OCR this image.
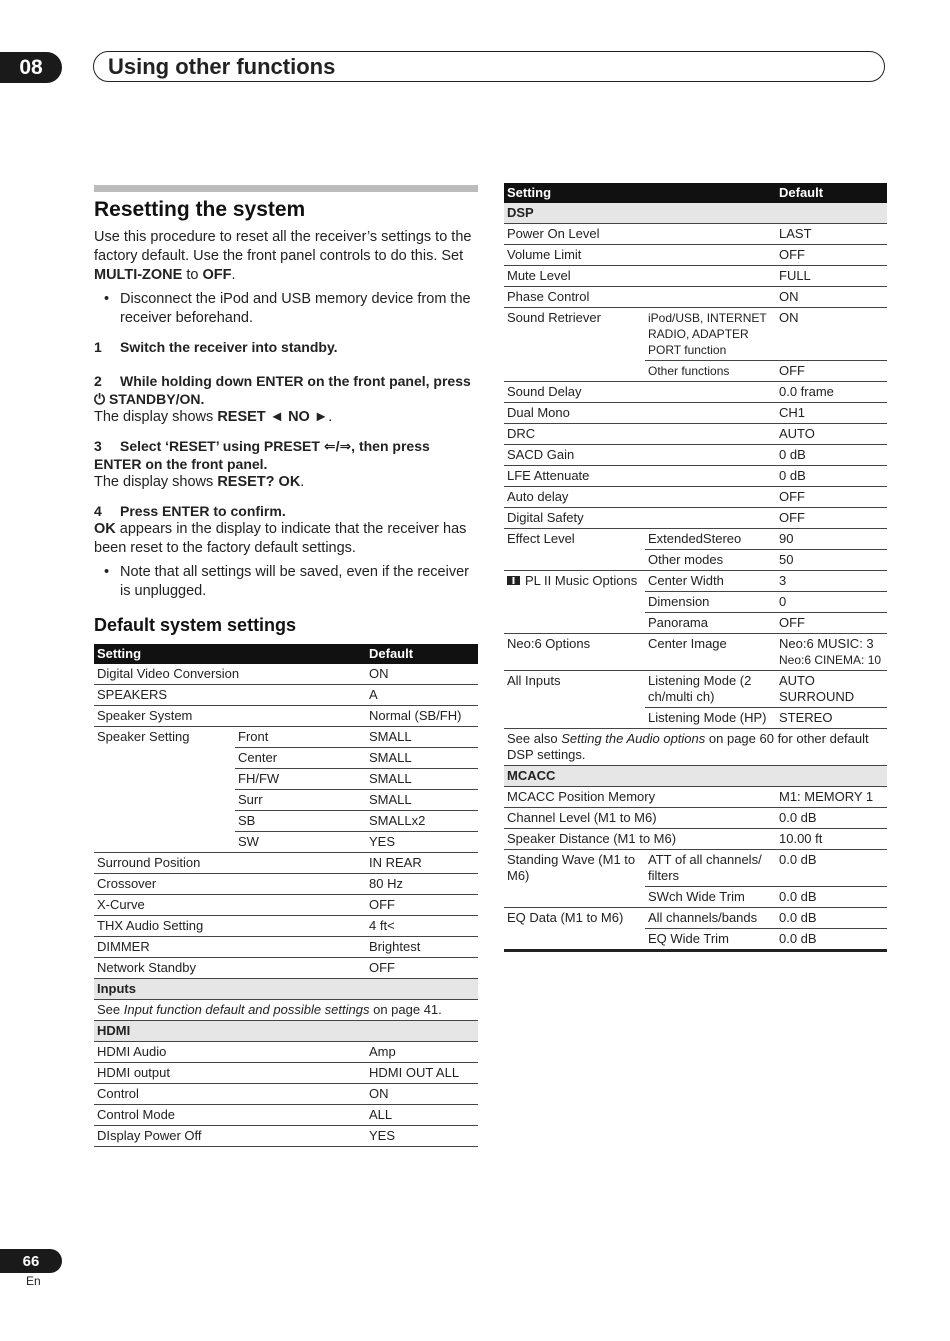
08	Using other functions
Resetting the system

Use this procedure to reset all the receiver’s settings to the factory default. Use the front panel controls to do this. Set MULTI-ZONE to OFF.

• Disconnect the iPod and USB memory device from the receiver beforehand.
1 Switch the receiver into standby.
2 While holding down ENTER on the front panel, press ⏻ STANDBY/ON.

The display shows RESET ◄ NO ►.

3 Select ‘RESET’ using PRESET ⇐/⇒, then press ENTER on the front panel.

The display shows RESET? OK.

4 Press ENTER to confirm.

OK appears in the display to indicate that the receiver has been reset to the factory default settings.

• Note that all settings will be saved, even if the receiver is unplugged.
Default system settings
Setting		Default
Digital Video Conversion		ON
SPEAKERS		A
Speaker System		Normal (SB/FH)
Speaker Setting	Front	SMALL
	Center	SMALL
	FH/FW	SMALL
	Surr	SMALL
	SB	SMALLx2
	SW	YES
Surround Position		IN REAR
Crossover		80 Hz
X-Curve		OFF
THX Audio Setting		4 ft<
DIMMER		Brightest
Network Standby		OFF
Inputs		
See Input function default and possible settings on page 41.		
HDMI		
HDMI Audio		Amp
HDMI output		HDMI OUT ALL
Control		ON
Control Mode		ALL
DIsplay Power Off		YES
Setting		Default
DSP		
Power On Level		LAST
Volume Limit		OFF
Mute Level		FULL
Phase Control		ON
Sound Retriever	iPod/USB, INTERNET RADIO, ADAPTER PORT function	ON
	Other functions	OFF
Sound Delay		0.0 frame
Dual Mono		CH1
DRC		AUTO
SACD Gain		0 dB
LFE Attenuate		0 dB
Auto delay		OFF
Digital Safety		OFF
Effect Level	ExtendedStereo	90
	Other modes	50
PL II Music Options	Center Width	3
	Dimension	0
	Panorama	OFF
Neo:6 Options	Center Image	Neo:6 MUSIC: 3
Neo:6 CINEMA: 10

All Inputs	Listening Mode (2 ch/multi ch)	AUTO SURROUND
	Listening Mode (HP)	STEREO
See also Setting the Audio options on page 60 for other default DSP settings.		
MCACC		
MCACC Position Memory		M1: MEMORY 1
Channel Level (M1 to M6)		0.0 dB
Speaker Distance (M1 to M6)		10.00 ft
Standing Wave (M1 to M6)	ATT of all channels/ filters	0.0 dB
	SWch Wide Trim	0.0 dB
EQ Data (M1 to M6)	All channels/bands	0.0 dB
	EQ Wide Trim	0.0 dB
66
En
